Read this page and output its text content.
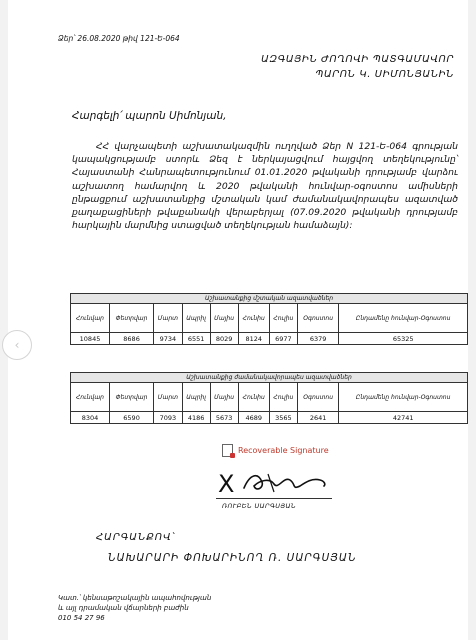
‹
Ձեր՝ 26.08.2020 թիվ 121-Ե-064
ԱԶԳԱՅԻՆ ԺՈՂՈՎԻ ՊԱՏԳԱՄԱՎՈՐ
ՊԱՐՈՆ Կ. ՍԻՄՈՆՅԱՆԻՆ
Հարգելի՛ պարոն Սիմոնյան,
ՀՀ վարչապետի աշխատակազմին ուղղված Ձեր N 121-Ե-064 գրության կապակցությամբ ստորև Ձեզ է ներկայացվում հայցվող տեղեկությունը՝ Հայաստանի Հանրապետությունում 01.01.2020 թվականի դրությամբ վարձու աշխատող համարվող և 2020 թվականի հունվար-օգոստոս ամիսների ընթացքում աշխատանքից մշտական կամ ժամանակավորապես ազատված քաղաքացիների թվաքանակի վերաբերյալ (07.09.2020 թվականի դրությամբ հարկային մարմնից ստացված տեղեկության համաձայն):
Աշխատանքից մշտական ազատվածներ								
Հունվար	Փետրվար	Մարտ	Ապրիլ	Մայիս	Հունիս	Հուլիս	Օգոստոս	Ընդամենը հունվար-Օգոստոս
10845	8686	9734	6551	8029	8124	6977	6379	65325
Աշխատանքից ժամանակավորապես ազատվածներ								
Հունվար	Փետրվար	Մարտ	Ապրիլ	Մայիս	Հունիս	Հուլիս	Օգոստոս	Ընդամենը հունվար-Օգոստոս
8304	6590	7093	4186	5673	4689	3565	2641	42741
Recoverable Signature
X
ՌՈՒԲԵՆ ՍԱՐԳՍՅԱՆ
ՀԱՐԳԱՆՔՈՎ՝
ՆԱԽԱՐԱՐԻ ՓՈԽԱՐԻՆՈՂ Ռ. ՍԱՐԳՍՅԱՆ
Կատ.՝ կենսաթոշակային ապահովության
և այլ դրամական վճարների բաժին
010 54 27 96
